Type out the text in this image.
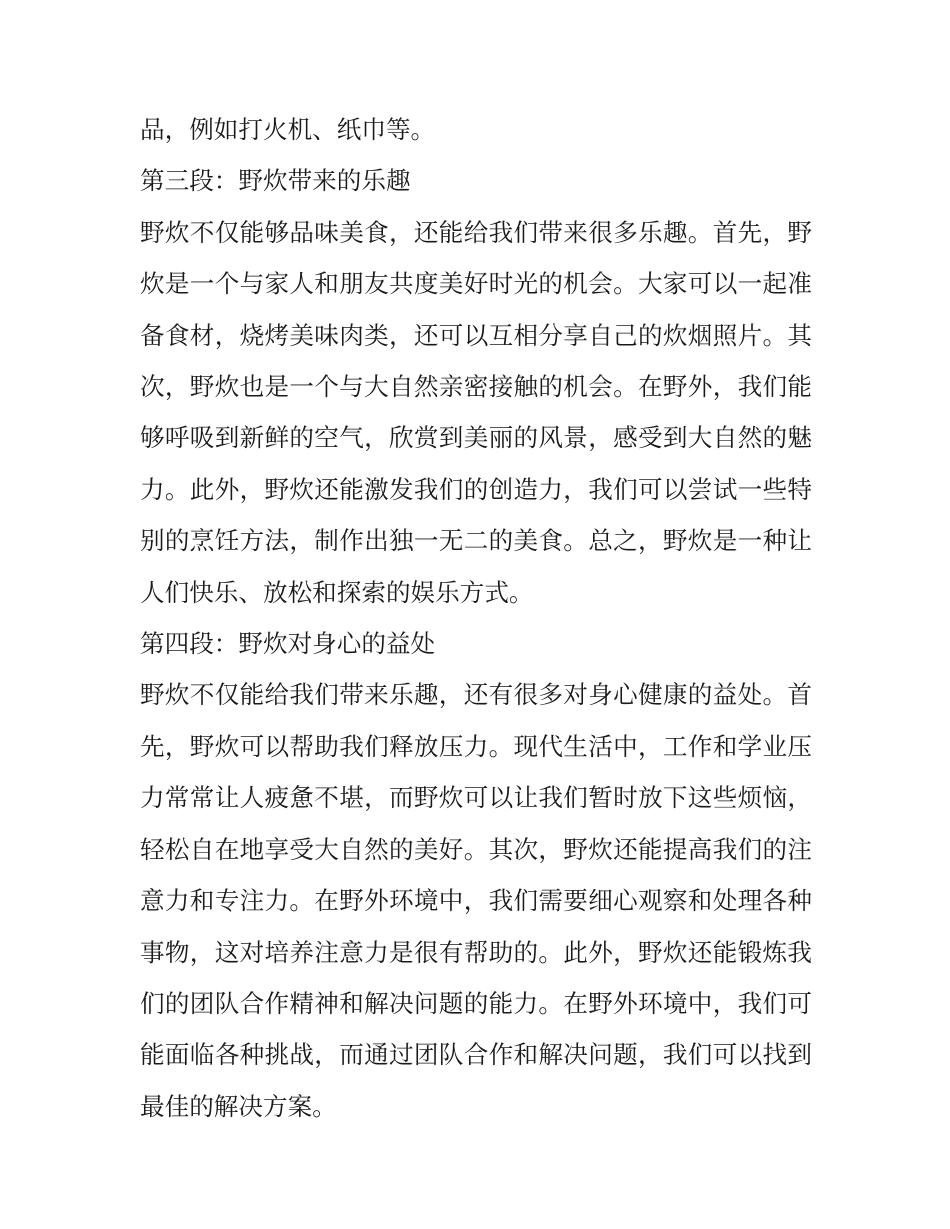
品，例如打火机、纸巾等。

第三段：野炊带来的乐趣

野炊不仅能够品味美食，还能给我们带来很多乐趣。首先，野炊是一个与家人和朋友共度美好时光的机会。大家可以一起准备食材，烧烤美味肉类，还可以互相分享自己的炊烟照片。其次，野炊也是一个与大自然亲密接触的机会。在野外，我们能够呼吸到新鲜的空气，欣赏到美丽的风景，感受到大自然的魅力。此外，野炊还能激发我们的创造力，我们可以尝试一些特别的烹饪方法，制作出独一无二的美食。总之，野炊是一种让人们快乐、放松和探索的娱乐方式。

第四段：野炊对身心的益处

野炊不仅能给我们带来乐趣，还有很多对身心健康的益处。首先，野炊可以帮助我们释放压力。现代生活中，工作和学业压力常常让人疲惫不堪，而野炊可以让我们暂时放下这些烦恼，轻松自在地享受大自然的美好。其次，野炊还能提高我们的注意力和专注力。在野外环境中，我们需要细心观察和处理各种事物，这对培养注意力是很有帮助的。此外，野炊还能锻炼我们的团队合作精神和解决问题的能力。在野外环境中，我们可能面临各种挑战，而通过团队合作和解决问题，我们可以找到最佳的解决方案。
